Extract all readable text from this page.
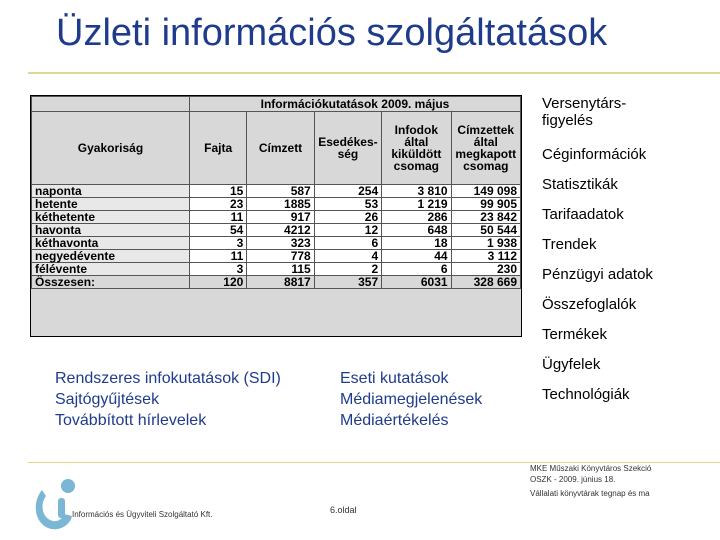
Üzleti információs szolgáltatások
	Információkutatások 2009. május				
Gyakoriság	Fajta	Címzett	Esedékes-ség	Infodok által kiküldött csomag	Címzettek által megkapott csomag
naponta	15	587	254	3 810	149 098
hetente	23	1885	53	1 219	99 905
kéthetente	11	917	26	286	23 842
havonta	54	4212	12	648	50 544
kéthavonta	3	323	6	18	1 938
negyedévente	11	778	4	44	3 112
félévente	3	115	2	6	230
Összesen:	120	8817	357	6031	328 669
Versenytárs-figyelés
Céginformációk
Statisztikák
Tarifaadatok
Trendek
Pénzügyi adatok
Összefoglalók
Termékek
Ügyfelek
Technológiák
Rendszeres infokutatások (SDI)
Sajtógyűjtések
Továbbított hírlevelek
Eseti kutatások
Médiamegjelenések
Médiaértékelés
Információs és Ügyviteli Szolgáltató Kft.	6.oldal
MKE Műszaki Könyvtáros Szekció
OSZK - 2009. június 18.
Vállalati könyvtárak tegnap és ma
